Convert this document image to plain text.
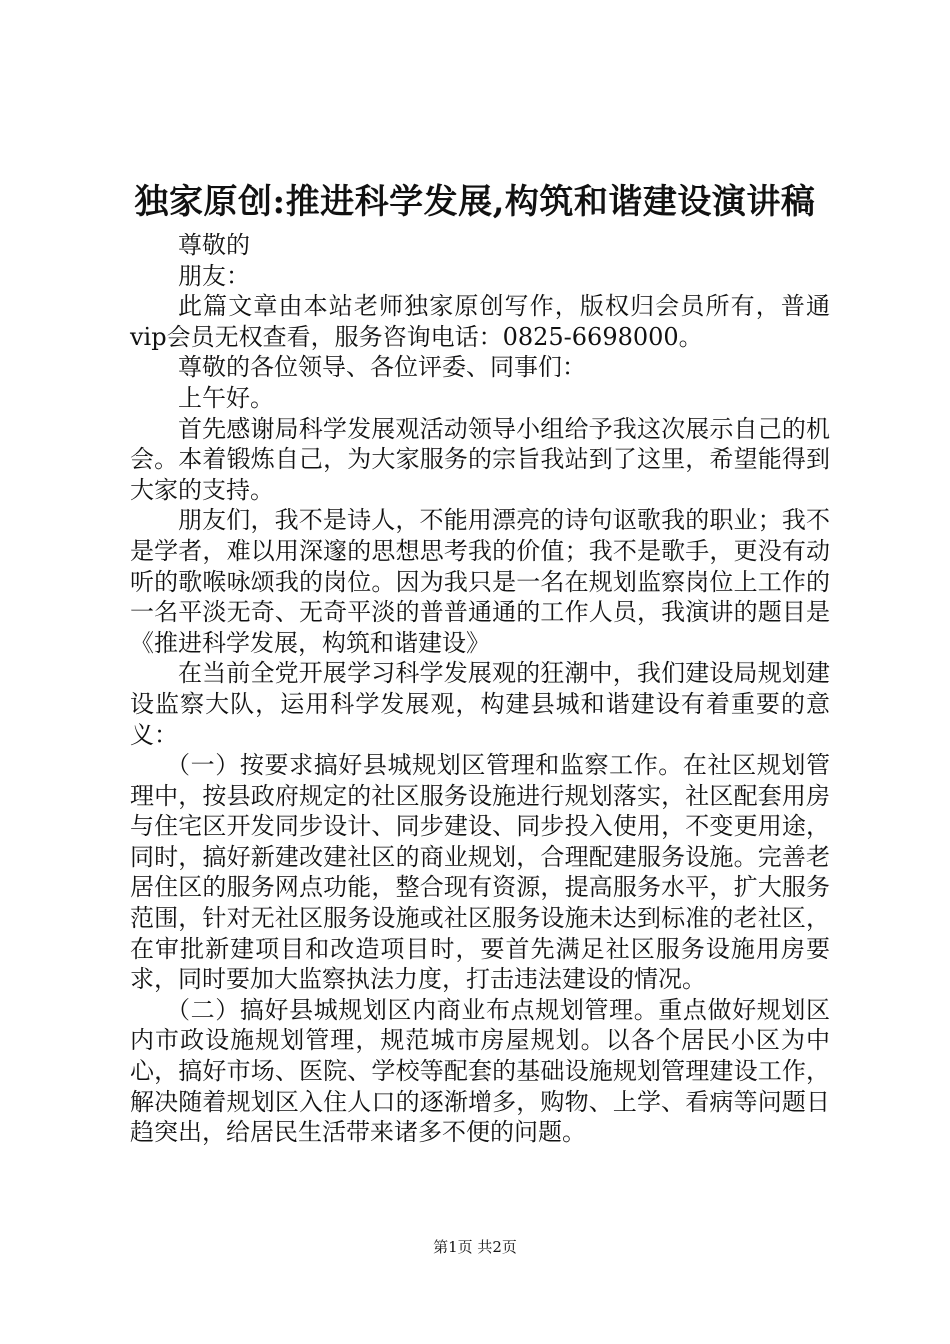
独家原创:推进科学发展,构筑和谐建设演讲稿

尊敬的

朋友：

此篇文章由本站老师独家原创写作，版权归会员所有，普通vip会员无权查看，服务咨询电话：0825-6698000。

尊敬的各位领导、各位评委、同事们：

上午好。

首先感谢局科学发展观活动领导小组给予我这次展示自己的机会。本着锻炼自己，为大家服务的宗旨我站到了这里，希望能得到大家的支持。

朋友们，我不是诗人，不能用漂亮的诗句讴歌我的职业；我不是学者，难以用深邃的思想思考我的价值；我不是歌手，更没有动听的歌喉咏颂我的岗位。因为我只是一名在规划监察岗位上工作的一名平淡无奇、无奇平淡的普普通通的工作人员，我演讲的题目是《推进科学发展，构筑和谐建设》

在当前全党开展学习科学发展观的狂潮中，我们建设局规划建设监察大队，运用科学发展观，构建县城和谐建设有着重要的意义：

（一）按要求搞好县城规划区管理和监察工作。在社区规划管理中，按县政府规定的社区服务设施进行规划落实，社区配套用房与住宅区开发同步设计、同步建设、同步投入使用，不变更用途，同时，搞好新建改建社区的商业规划，合理配建服务设施。完善老居住区的服务网点功能，整合现有资源，提高服务水平，扩大服务范围，针对无社区服务设施或社区服务设施未达到标准的老社区，在审批新建项目和改造项目时，要首先满足社区服务设施用房要求，同时要加大监察执法力度，打击违法建设的情况。

（二）搞好县城规划区内商业布点规划管理。重点做好规划区内市政设施规划管理，规范城市房屋规划。以各个居民小区为中心，搞好市场、医院、学校等配套的基础设施规划管理建设工作，解决随着规划区入住人口的逐渐增多，购物、上学、看病等问题日趋突出，给居民生活带来诸多不便的问题。

第1页 共2页
